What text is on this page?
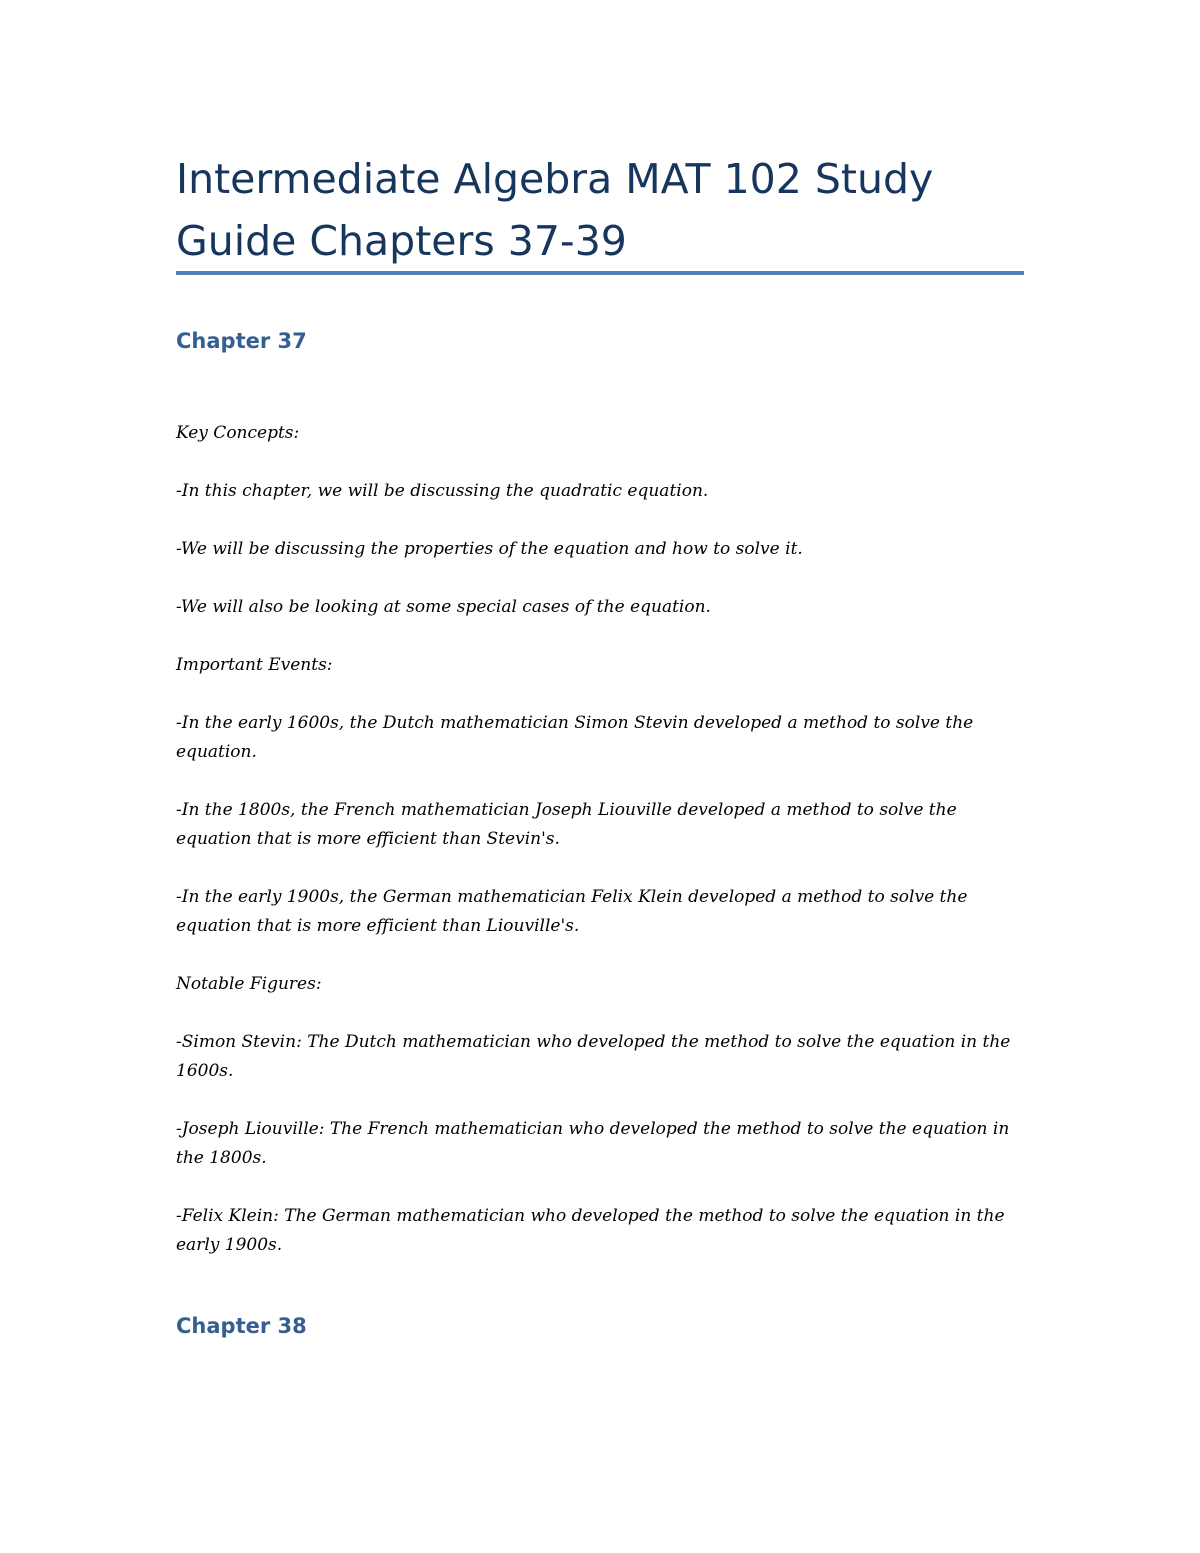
Intermediate Algebra MAT 102 Study Guide Chapters 37-39
Chapter 37

Key Concepts:

-In this chapter, we will be discussing the quadratic equation.

-We will be discussing the properties of the equation and how to solve it.

-We will also be looking at some special cases of the equation.

Important Events:

-In the early 1600s, the Dutch mathematician Simon Stevin developed a method to solve the equation.

-In the 1800s, the French mathematician Joseph Liouville developed a method to solve the equation that is more efficient than Stevin's.

-In the early 1900s, the German mathematician Felix Klein developed a method to solve the equation that is more efficient than Liouville's.

Notable Figures:

-Simon Stevin: The Dutch mathematician who developed the method to solve the equation in the 1600s.

-Joseph Liouville: The French mathematician who developed the method to solve the equation in the 1800s.

-Felix Klein: The German mathematician who developed the method to solve the equation in the early 1900s.

Chapter 38
